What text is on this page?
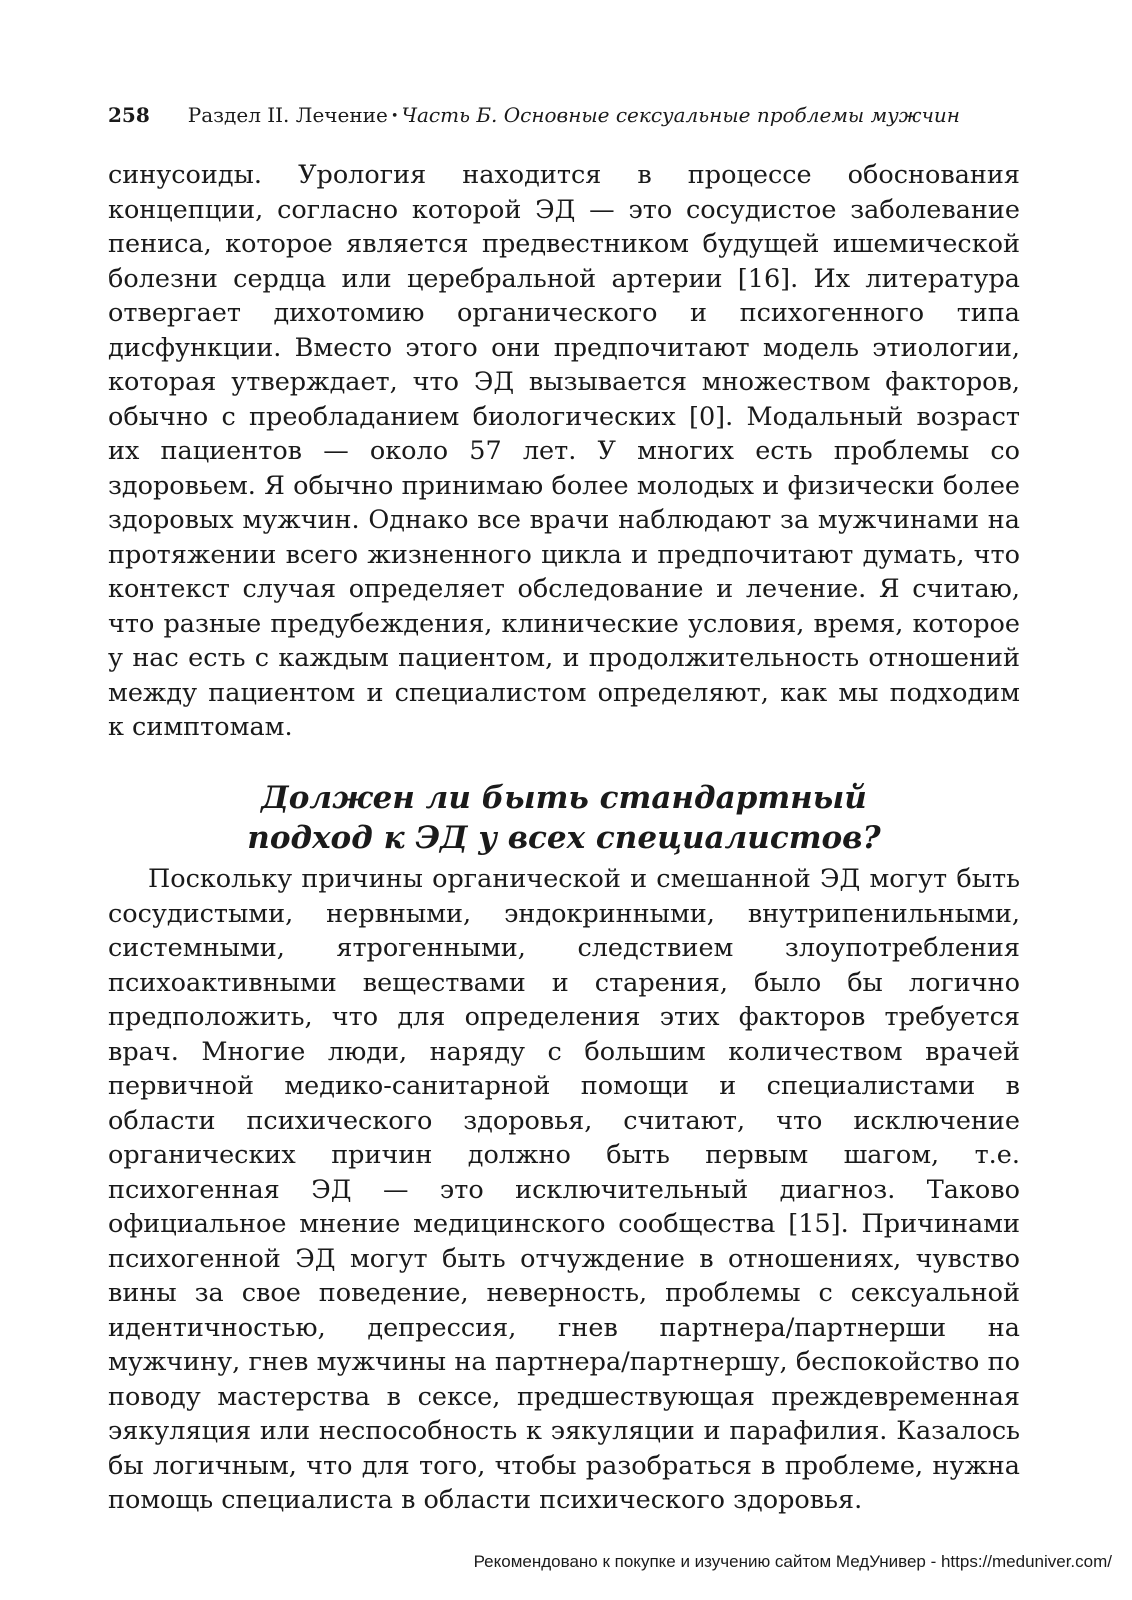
258 Раздел II. Лечение • Часть Б. Основные сексуальные проблемы мужчин

синусоиды. Урология находится в процессе обоснования концепции, согласно которой ЭД — это сосудистое заболевание пениса, которое является предвестником будущей ишемической болезни сердца или церебральной артерии [16]. Их литература отвергает дихотомию органического и психогенного типа дисфункции. Вместо этого они предпочитают модель этиологии, которая утверждает, что ЭД вызывается множеством факторов, обычно с преобладанием биологических [0]. Модальный возраст их пациентов — около 57 лет. У многих есть проблемы со здоровьем. Я обычно принимаю более молодых и физически более здоровых мужчин. Однако все врачи наблюдают за мужчинами на протяжении всего жизненного цикла и предпочитают думать, что контекст случая определяет обследование и лечение. Я считаю, что разные предубеждения, клинические условия, время, которое у нас есть с каждым пациентом, и продолжительность отношений между пациентом и специалистом определяют, как мы подходим к симптомам.

Должен ли быть стандартный
подход к ЭД у всех специалистов?

Поскольку причины органической и смешанной ЭД могут быть сосудистыми, нервными, эндокринными, внутрипенильными, системными, ятрогенными, следствием злоупотребления психоактивными веществами и старения, было бы логично предположить, что для определения этих факторов требуется врач. Многие люди, наряду с большим количеством врачей первичной медико-санитарной помощи и специалистами в области психического здоровья, считают, что исключение органических причин должно быть первым шагом, т.е. психогенная ЭД — это исключительный диагноз. Таково официальное мнение медицинского сообщества [15]. Причинами психогенной ЭД могут быть отчуждение в отношениях, чувство вины за свое поведение, неверность, проблемы с сексуальной идентичностью, депрессия, гнев партнера/партнерши на мужчину, гнев мужчины на партнера/партнершу, беспокойство по поводу мастерства в сексе, предшествующая преждевременная эякуляция или неспособность к эякуляции и парафилия. Казалось бы логичным, что для того, чтобы разобраться в проблеме, нужна помощь специалиста в области психического здоровья.

Рекомендовано к покупке и изучению сайтом МедУнивер - https://meduniver.com/
